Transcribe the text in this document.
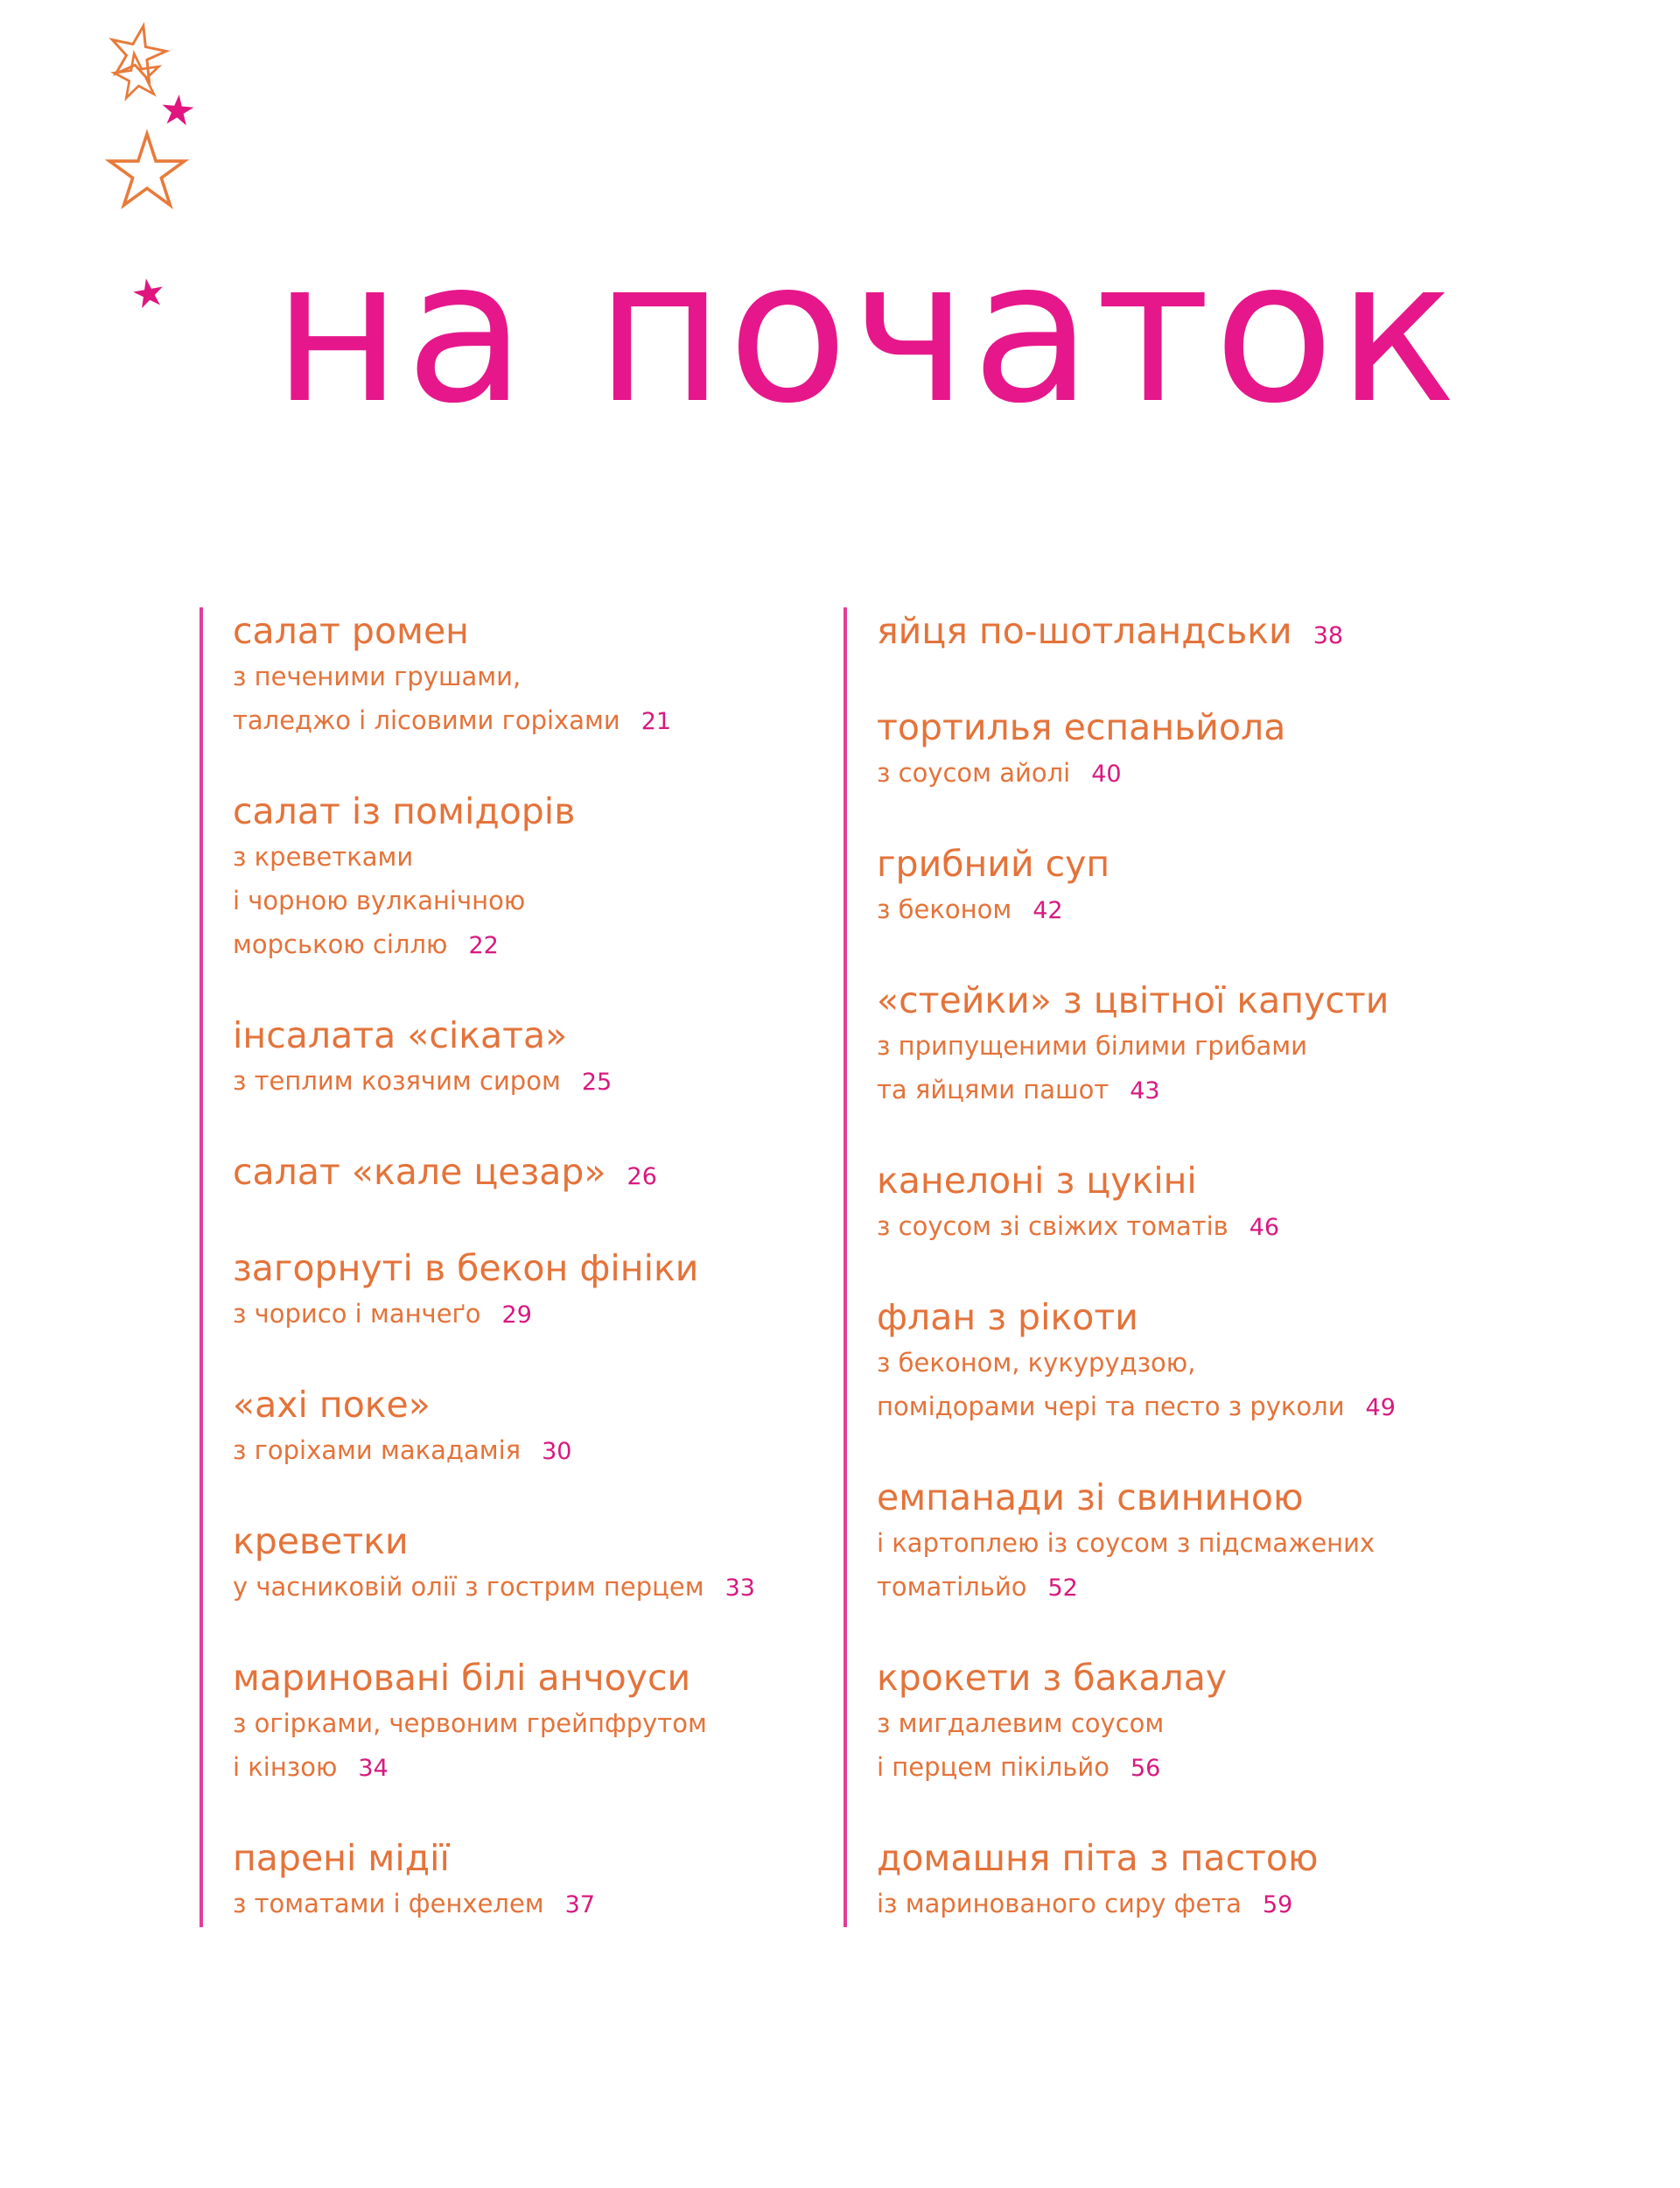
на початок
салат ромен
з печеними грушами,
таледжо і лісовими горіхами 21
салат із помідорів
з креветками
і чорною вулканічною
морською сіллю 22
інсалата «сіката»
з теплим козячим сиром 25
салат «кале цезар» 26
загорнуті в бекон фініки
з чорисо і манчеґо 29
«ахі поке»
з горіхами макадамія 30
креветки
у часниковій олії з гострим перцем 33
мариновані білі анчоуси
з огірками, червоним грейпфрутом
і кінзою 34
парені мідії
з томатами і фенхелем 37
яйця по-шотландськи 38
тортилья еспаньйола
з соусом айолі 40
грибний суп
з беконом 42
«стейки» з цвітної капусти
з припущеними білими грибами
та яйцями пашот 43
канелоні з цукіні
з соусом зі свіжих томатів 46
флан з рікоти
з беконом, кукурудзою,
помідорами чері та песто з руколи 49
емпанади зі свининою
і картоплею із соусом з підсмажених
томатільйо 52
крокети з бакалау
з мигдалевим соусом
і перцем пікільйо 56
домашня піта з пастою
із маринованого сиру фета 59
